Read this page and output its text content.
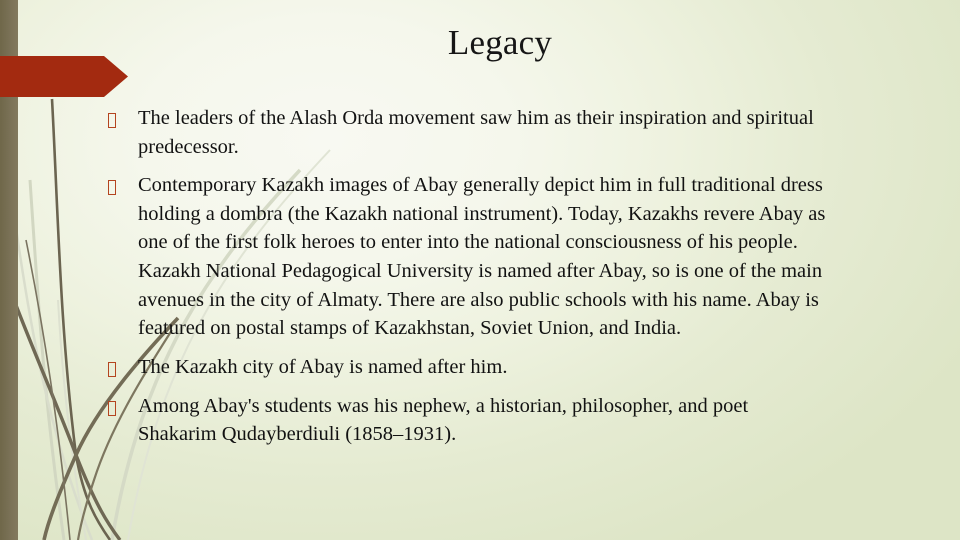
Legacy
The leaders of the Alash Orda movement saw him as their inspiration and spiritual predecessor.
Contemporary Kazakh images of Abay generally depict him in full traditional dress holding a dombra (the Kazakh national instrument). Today, Kazakhs revere Abay as one of the first folk heroes to enter into the national consciousness of his people. Kazakh National Pedagogical University is named after Abay, so is one of the main avenues in the city of Almaty. There are also public schools with his name. Abay is featured on postal stamps of Kazakhstan, Soviet Union, and India.
The Kazakh city of Abay is named after him.
Among Abay's students was his nephew, a historian, philosopher, and poet Shakarim Qudayberdiuli (1858–1931).
